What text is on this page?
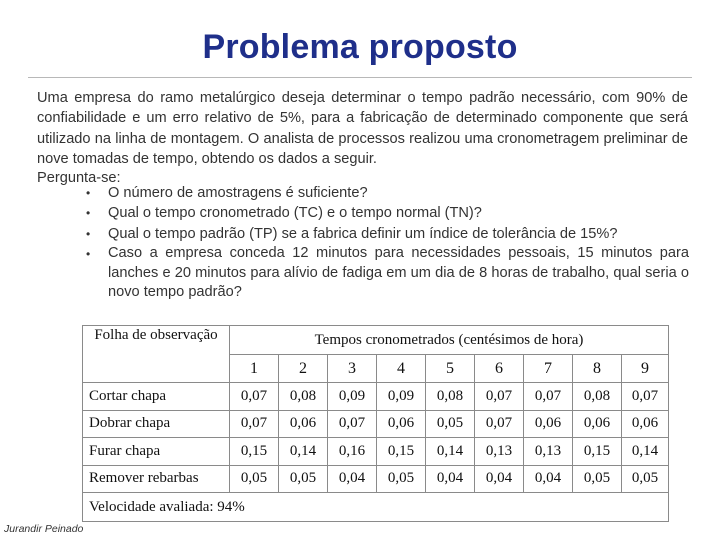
Problema proposto

Uma empresa do ramo metalúrgico deseja determinar o tempo padrão necessário, com 90% de confiabilidade e um erro relativo de 5%, para a fabricação de determinado componente que será utilizado na linha de montagem. O analista de processos realizou uma cronometragem preliminar de nove tomadas de tempo, obtendo os dados a seguir.

Pergunta-se:
• O número de amostragens é suficiente?
• Qual o tempo cronometrado (TC) e o tempo normal (TN)?
• Qual o tempo padrão (TP) se a fabrica definir um índice de tolerância de 15%?
• Caso a empresa conceda 12 minutos para necessidades pessoais, 15 minutos para lanches e 20 minutos para alívio de fadiga em um dia de 8 horas de trabalho, qual seria o novo tempo padrão?
Folha de observação	Tempos cronometrados (centésimos de hora)								
	1	2	3	4	5	6	7	8	9
Cortar chapa	0,07	0,08	0,09	0,09	0,08	0,07	0,07	0,08	0,07
Dobrar chapa	0,07	0,06	0,07	0,06	0,05	0,07	0,06	0,06	0,06
Furar chapa	0,15	0,14	0,16	0,15	0,14	0,13	0,13	0,15	0,14
Remover rebarbas	0,05	0,05	0,04	0,05	0,04	0,04	0,04	0,05	0,05
Velocidade avaliada: 94%									
Jurandir Peinado
